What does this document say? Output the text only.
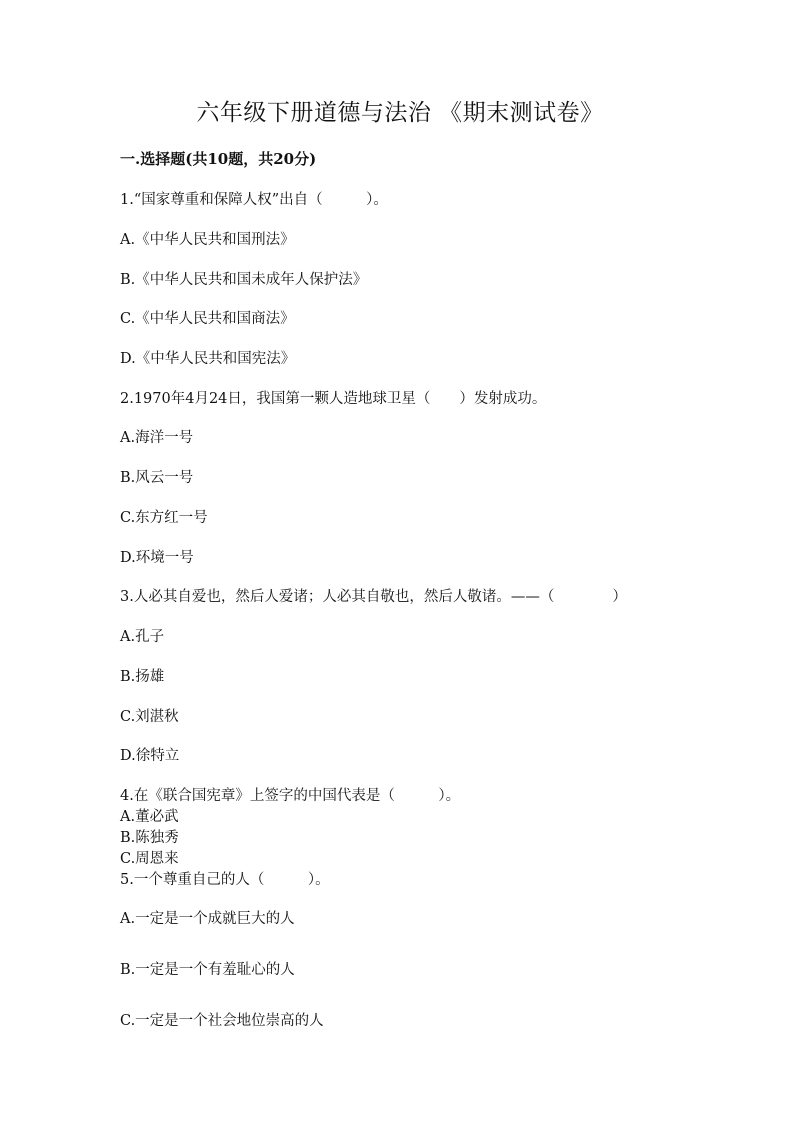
六年级下册道德与法治 《期末测试卷》
一.选择题(共10题，共20分)
1.“国家尊重和保障人权”出自（　　　）。
A.《中华人民共和国刑法》
B.《中华人民共和国未成年人保护法》
C.《中华人民共和国商法》
D.《中华人民共和国宪法》
2.1970年4月24日，我国第一颗人造地球卫星（　　）发射成功。
A.海洋一号
B.风云一号
C.东方红一号
D.环境一号
3.人必其自爱也，然后人爱诸；人必其自敬也，然后人敬诸。——（　　　　）
A.孔子
B.扬雄
C.刘湛秋
D.徐特立
4.在《联合国宪章》上签字的中国代表是（　　　）。
A.董必武
B.陈独秀
C.周恩来
5.一个尊重自己的人（　　　）。
A.一定是一个成就巨大的人
B.一定是一个有羞耻心的人
C.一定是一个社会地位崇高的人
